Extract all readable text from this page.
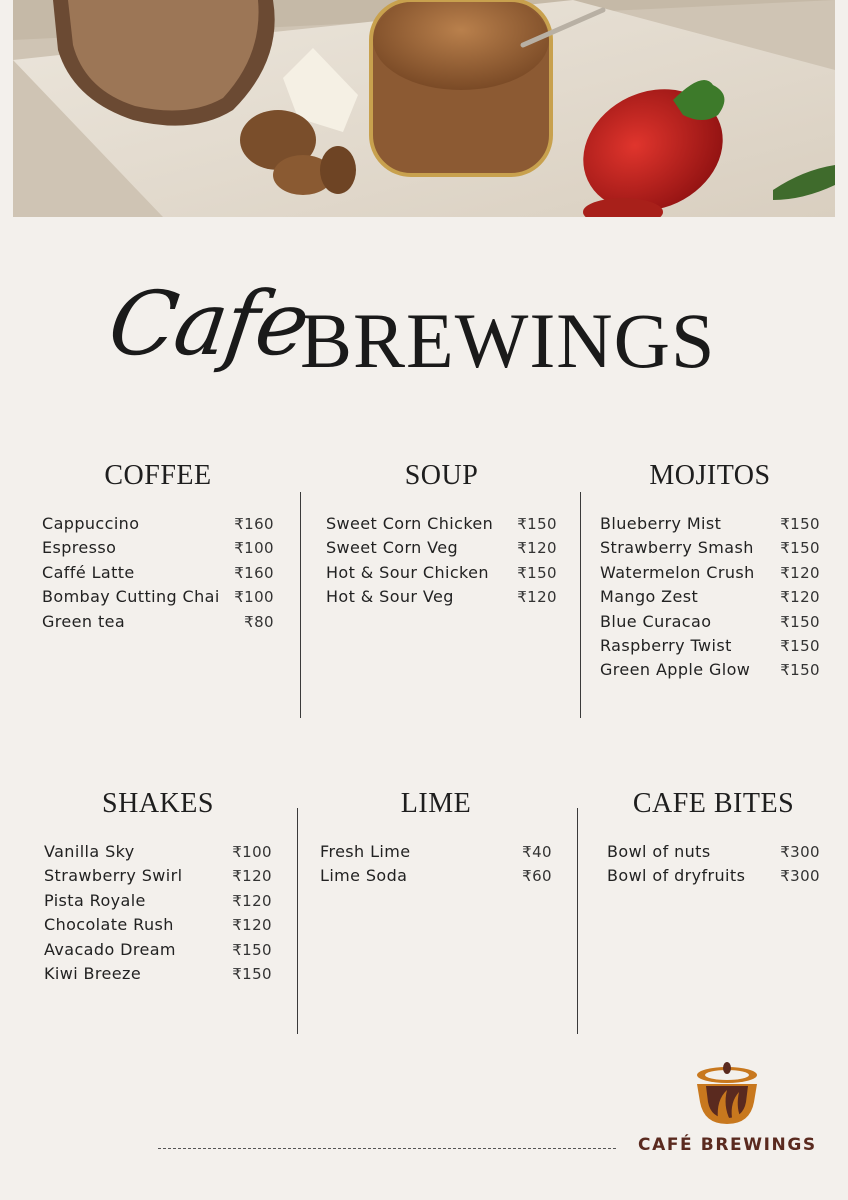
Cafe
BREWINGS
COFFEE
Cappuccino	₹160
Espresso	₹100
Caffé Latte	₹160
Bombay Cutting Chai ₹100
Green tea	₹80
SOUP
Sweet Corn Chicken ₹150
Sweet Corn Veg	₹120
Hot & Sour Chicken ₹150
Hot & Sour Veg	₹120
MOJITOS
Blueberry Mist	₹150
Strawberry Smash ₹150
Watermelon Crush ₹120
Mango Zest	₹120
Blue Curacao	₹150
Raspberry Twist	₹150
Green Apple Glow ₹150
SHAKES
Vanilla Sky	₹100
Strawberry Swirl	₹120
Pista Royale	₹120
Chocolate Rush	₹120
Avacado Dream	₹150
Kiwi Breeze	₹150
LIME
Fresh Lime	₹40
Lime Soda	₹60
CAFE BITES
Bowl of nuts	₹300
Bowl of dryfruits ₹300
CAFÉ BREWINGS
